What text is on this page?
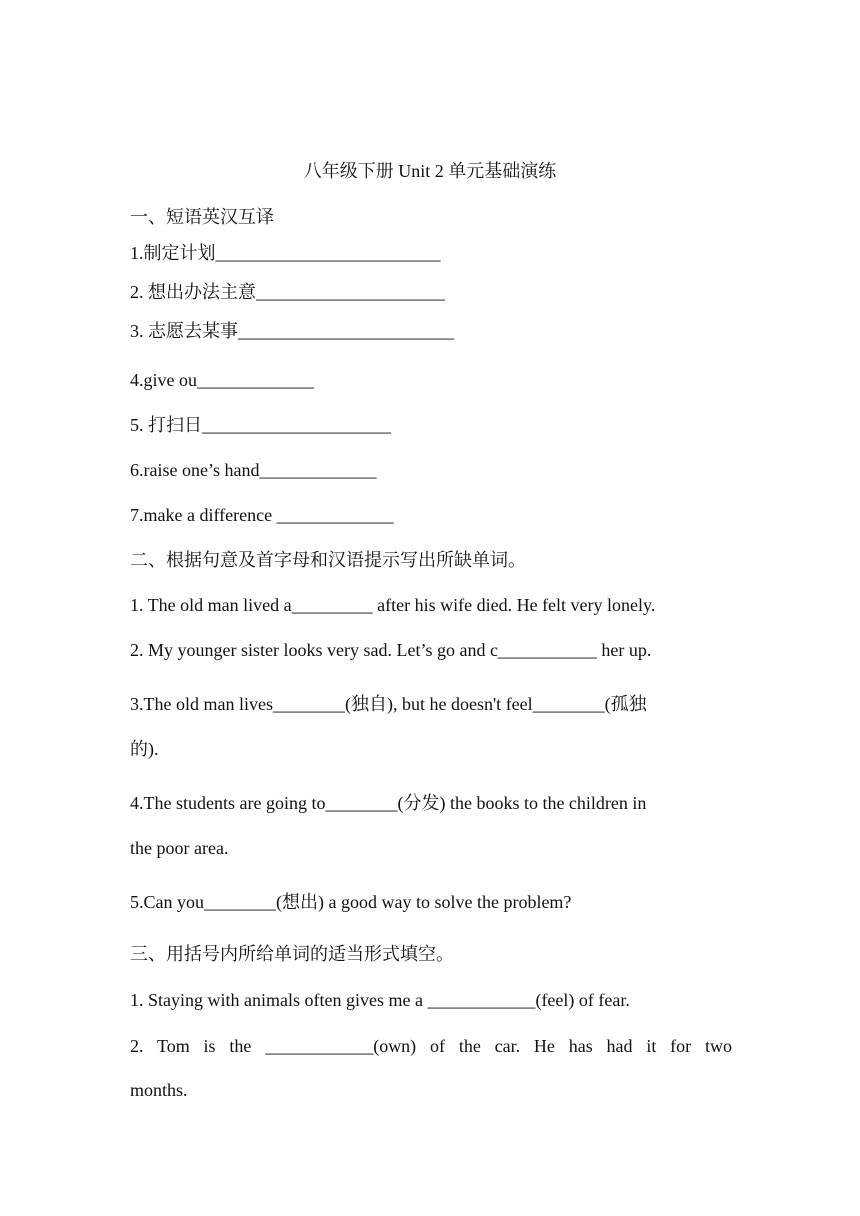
八年级下册 Unit 2 单元基础演练
一、短语英汉互译
1.制定计划_________________________
2. 想出办法主意_____________________
3. 志愿去某事________________________
4.give ou_____________
5. 打扫日_____________________
6.raise one’s hand_____________
7.make a difference _____________
二、根据句意及首字母和汉语提示写出所缺单词。
1. The old man lived a_________ after his wife died. He felt very lonely.
2. My younger sister looks very sad. Let’s go and c___________ her up.
3.The old man lives________(独自), but he doesn't feel________(孤独
的).
4.The students are going to________(分发) the books to the children in
the poor area.
5.Can you________(想出) a good way to solve the problem?
三、用括号内所给单词的适当形式填空。
1. Staying with animals often gives me a ____________(feel) of fear.
2. Tom is the ____________(own) of the car. He has had it for two
months.
